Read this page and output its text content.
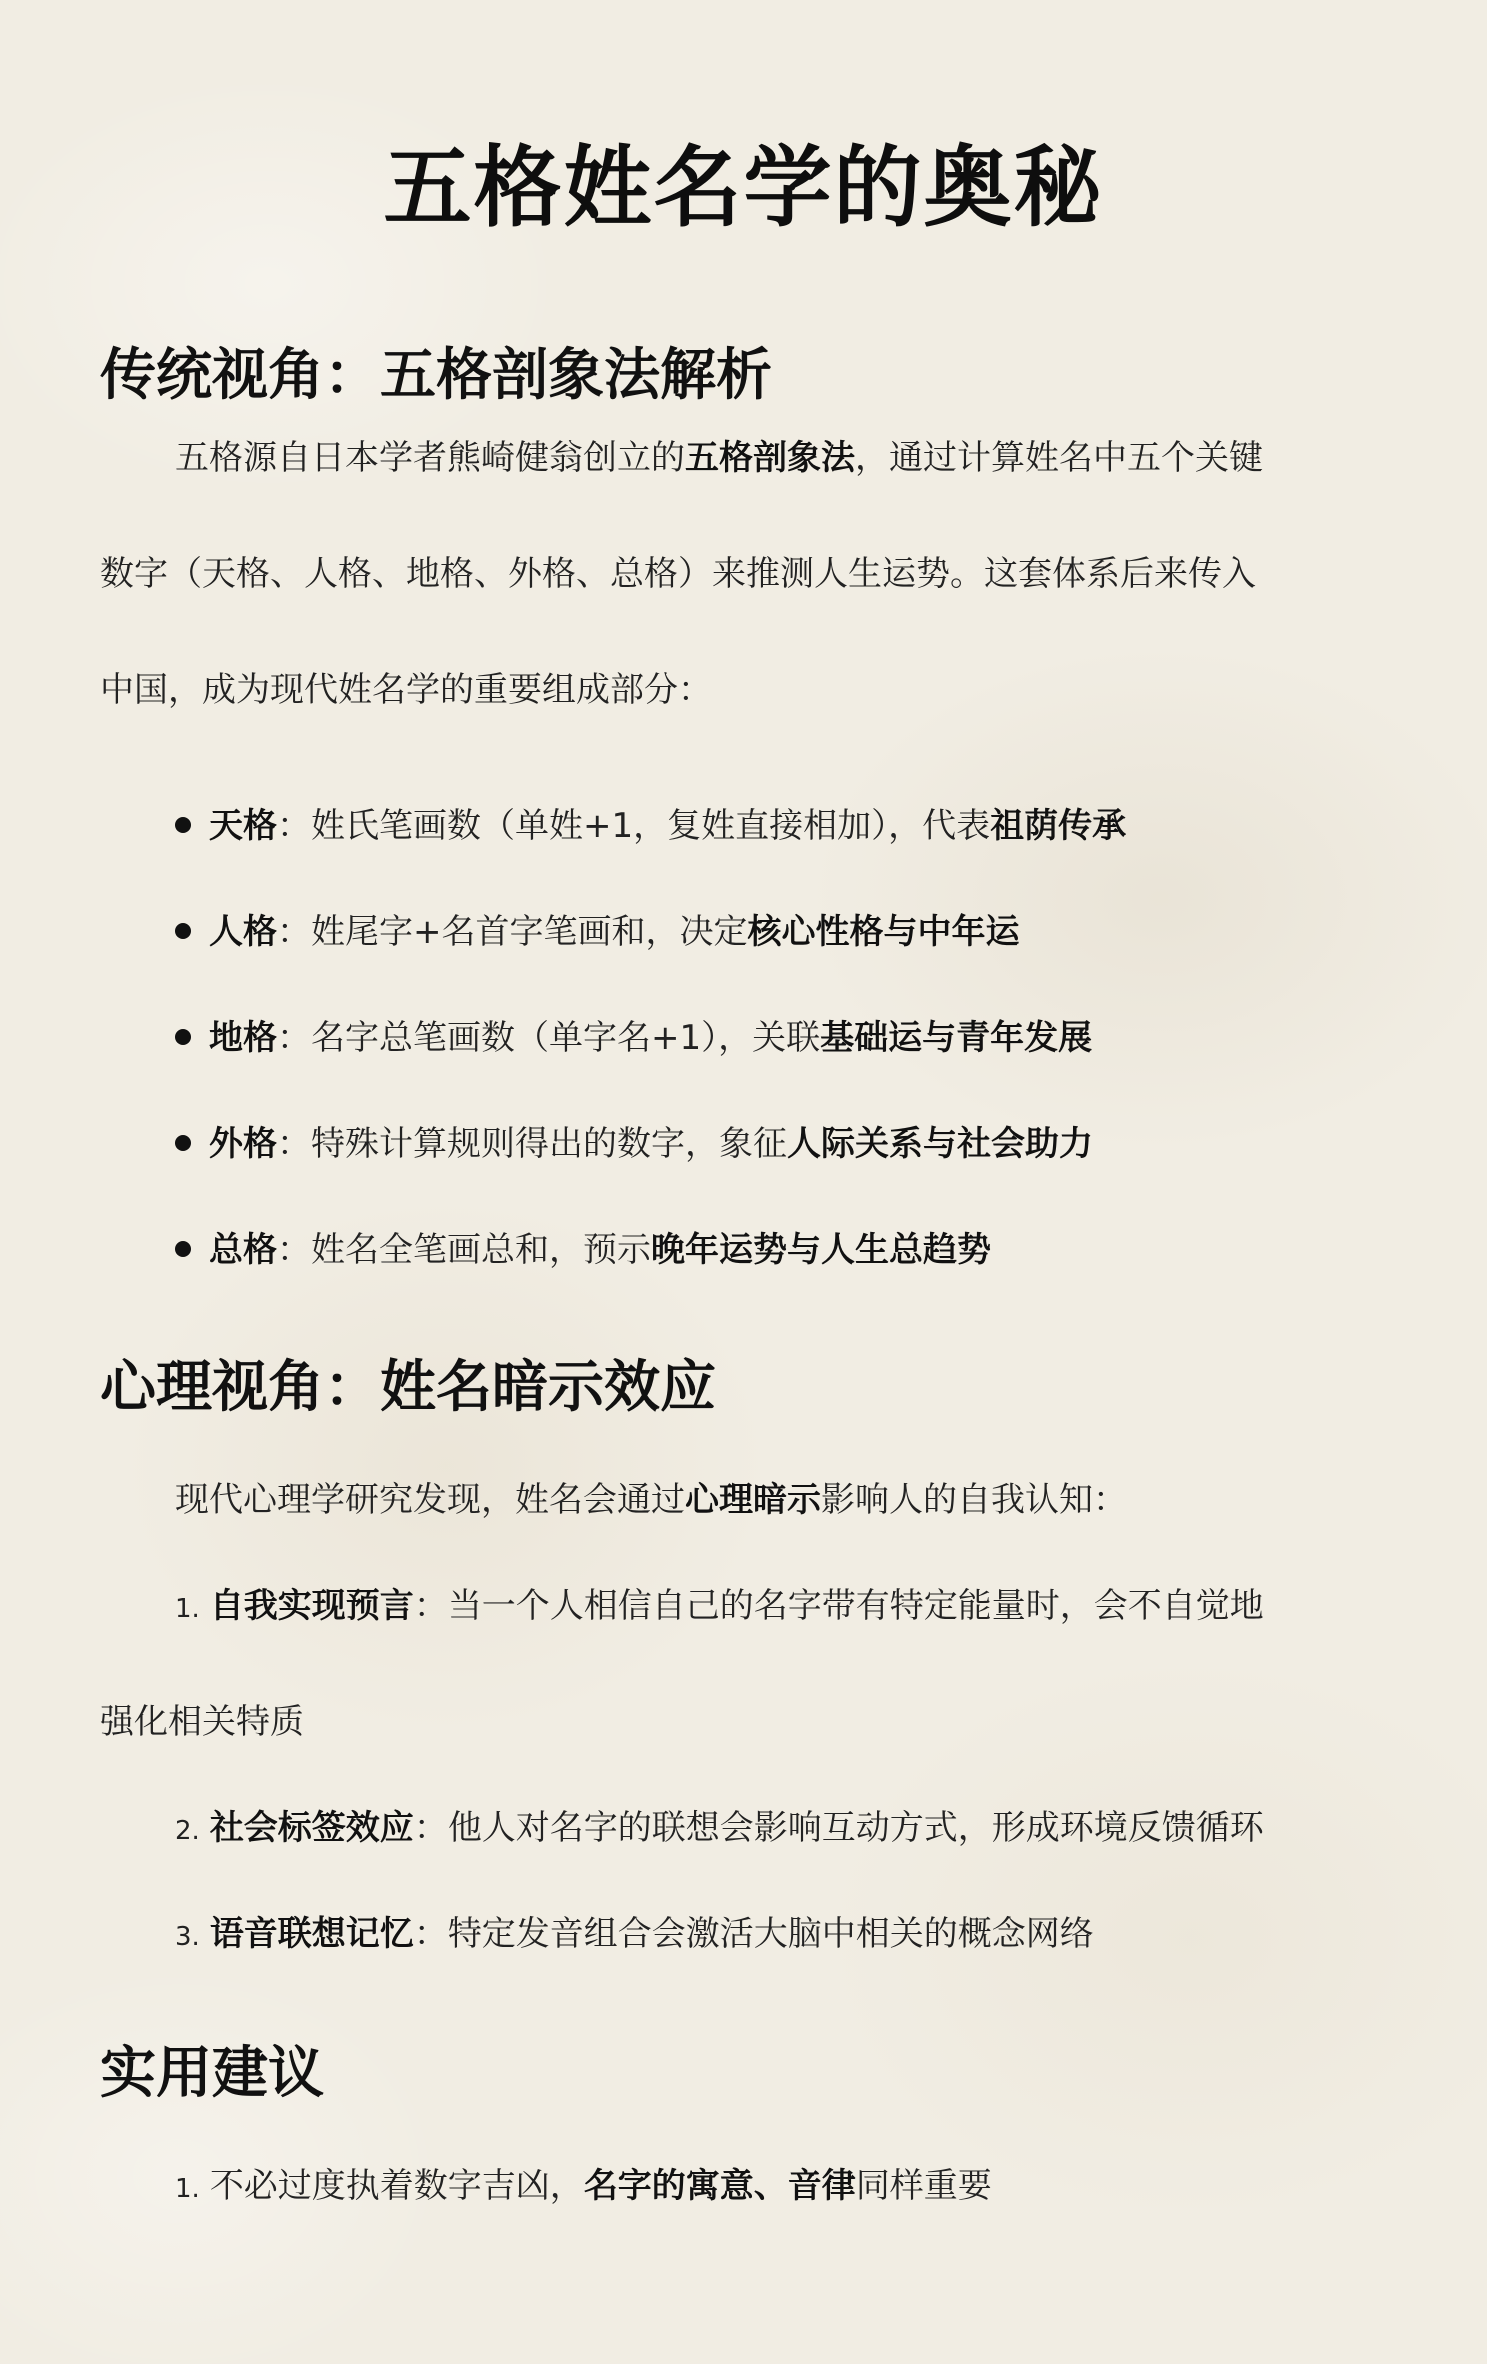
五格姓名学的奥秘
传统视角：五格剖象法解析
五格源自日本学者熊崎健翁创立的五格剖象法，通过计算姓名中五个关键
数字（天格、人格、地格、外格、总格）来推测人生运势。这套体系后来传入
中国，成为现代姓名学的重要组成部分：
天格：姓氏笔画数（单姓+1，复姓直接相加），代表祖荫传承
人格：姓尾字+名首字笔画和，决定核心性格与中年运
地格：名字总笔画数（单字名+1），关联基础运与青年发展
外格：特殊计算规则得出的数字，象征人际关系与社会助力
总格：姓名全笔画总和，预示晚年运势与人生总趋势
心理视角：姓名暗示效应
现代心理学研究发现，姓名会通过心理暗示影响人的自我认知：
1. 自我实现预言：当一个人相信自己的名字带有特定能量时，会不自觉地
强化相关特质
2. 社会标签效应：他人对名字的联想会影响互动方式，形成环境反馈循环
3. 语音联想记忆：特定发音组合会激活大脑中相关的概念网络
实用建议
1. 不必过度执着数字吉凶，名字的寓意、音律同样重要
